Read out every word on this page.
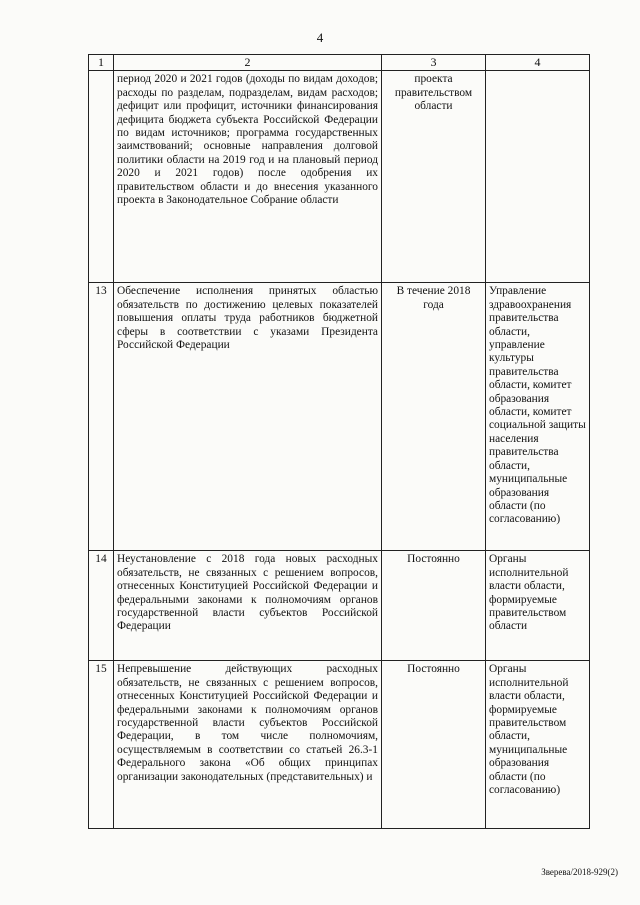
4
1	2	3	4
	период 2020 и 2021 годов (доходы по видам доходов; расходы по разделам, подразделам, видам расходов; дефицит или профицит, источники финансирования дефицита бюджета субъекта Российской Федерации по видам источников; программа государственных заимствований; основные направления долговой политики области на 2019 год и на плановый период 2020 и 2021 годов) после одобрения их правительством области и до внесения указанного проекта в Законодательное Собрание области	проекта правительством области	
13	Обеспечение исполнения принятых областью обязательств по достижению целевых показателей повышения оплаты труда работников бюджетной сферы в соответствии с указами Президента Российской Федерации	В течение 2018 года	Управление здравоохранения правительства области, управление культуры правительства области, комитет образования области, комитет социальной защиты населения правительства области, муниципальные образования области (по согласованию)
14	Неустановление с 2018 года новых расходных обязательств, не связанных с решением вопросов, отнесенных Конституцией Российской Федерации и федеральными законами к полномочиям органов государственной власти субъектов Российской Федерации	Постоянно	Органы исполнительной власти области, формируемые правительством области
15	Непревышение действующих расходных обязательств, не связанных с решением вопросов, отнесенных Конституцией Российской Федерации и федеральными законами к полномочиям органов государственной власти субъектов Российской Федерации, в том числе полномочиям, осуществляемым в соответствии со статьей 26.3-1 Федерального закона «Об общих принципах организации законодательных (представительных) и	Постоянно	Органы исполнительной власти области, формируемые правительством области, муниципальные образования области (по согласованию)
Зверева/2018-929(2)
